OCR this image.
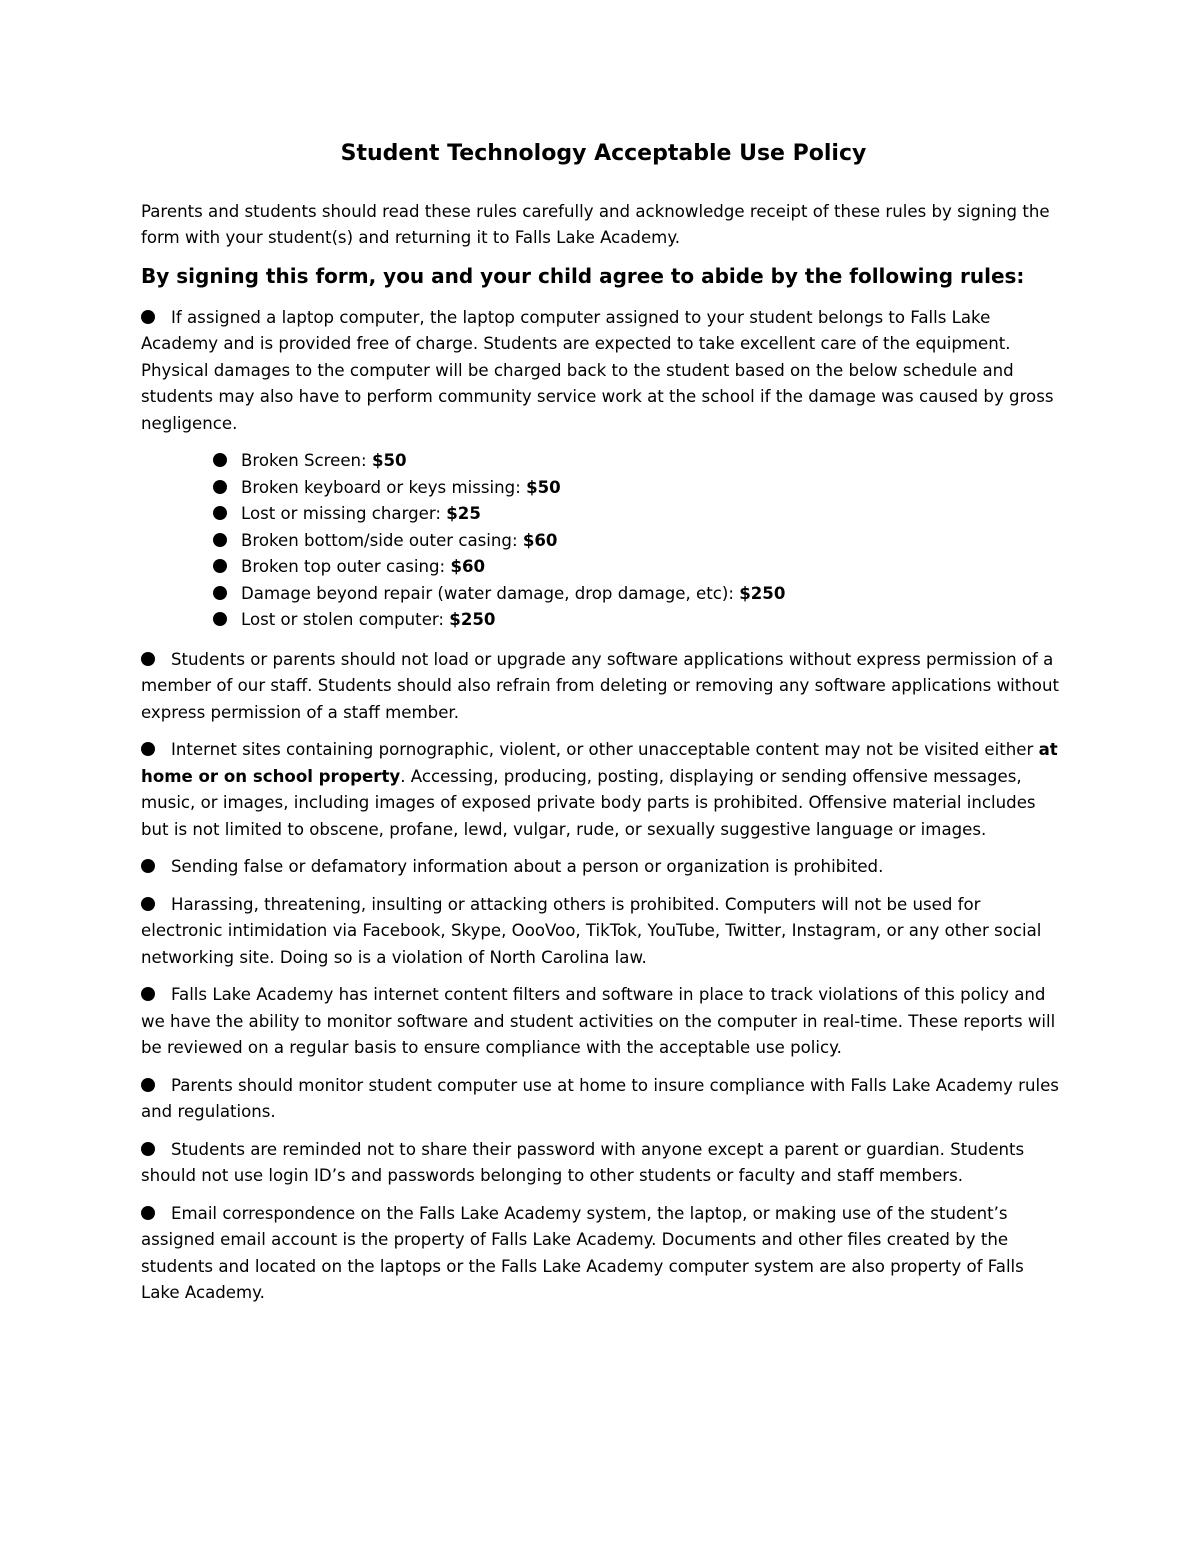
Student Technology Acceptable Use Policy

Parents and students should read these rules carefully and acknowledge receipt of these rules by signing the form with your student(s) and returning it to Falls Lake Academy.

By signing this form, you and your child agree to abide by the following rules:

If assigned a laptop computer, the laptop computer assigned to your student belongs to Falls Lake Academy and is provided free of charge. Students are expected to take excellent care of the equipment. Physical damages to the computer will be charged back to the student based on the below schedule and students may also have to perform community service work at the school if the damage was caused by gross negligence.

Broken Screen: $50
Broken keyboard or keys missing: $50
Lost or missing charger: $25
Broken bottom/side outer casing: $60
Broken top outer casing: $60
Damage beyond repair (water damage, drop damage, etc): $250
Lost or stolen computer: $250

Students or parents should not load or upgrade any software applications without express permission of a member of our staff. Students should also refrain from deleting or removing any software applications without express permission of a staff member.

Internet sites containing pornographic, violent, or other unacceptable content may not be visited either at home or on school property. Accessing, producing, posting, displaying or sending offensive messages, music, or images, including images of exposed private body parts is prohibited. Offensive material includes but is not limited to obscene, profane, lewd, vulgar, rude, or sexually suggestive language or images.

Sending false or defamatory information about a person or organization is prohibited.

Harassing, threatening, insulting or attacking others is prohibited. Computers will not be used for electronic intimidation via Facebook, Skype, OooVoo, TikTok, YouTube, Twitter, Instagram, or any other social networking site. Doing so is a violation of North Carolina law.

Falls Lake Academy has internet content filters and software in place to track violations of this policy and we have the ability to monitor software and student activities on the computer in real-time. These reports will be reviewed on a regular basis to ensure compliance with the acceptable use policy.

Parents should monitor student computer use at home to insure compliance with Falls Lake Academy rules and regulations.

Students are reminded not to share their password with anyone except a parent or guardian. Students should not use login ID’s and passwords belonging to other students or faculty and staff members.

Email correspondence on the Falls Lake Academy system, the laptop, or making use of the student’s assigned email account is the property of Falls Lake Academy. Documents and other files created by the students and located on the laptops or the Falls Lake Academy computer system are also property of Falls Lake Academy.
